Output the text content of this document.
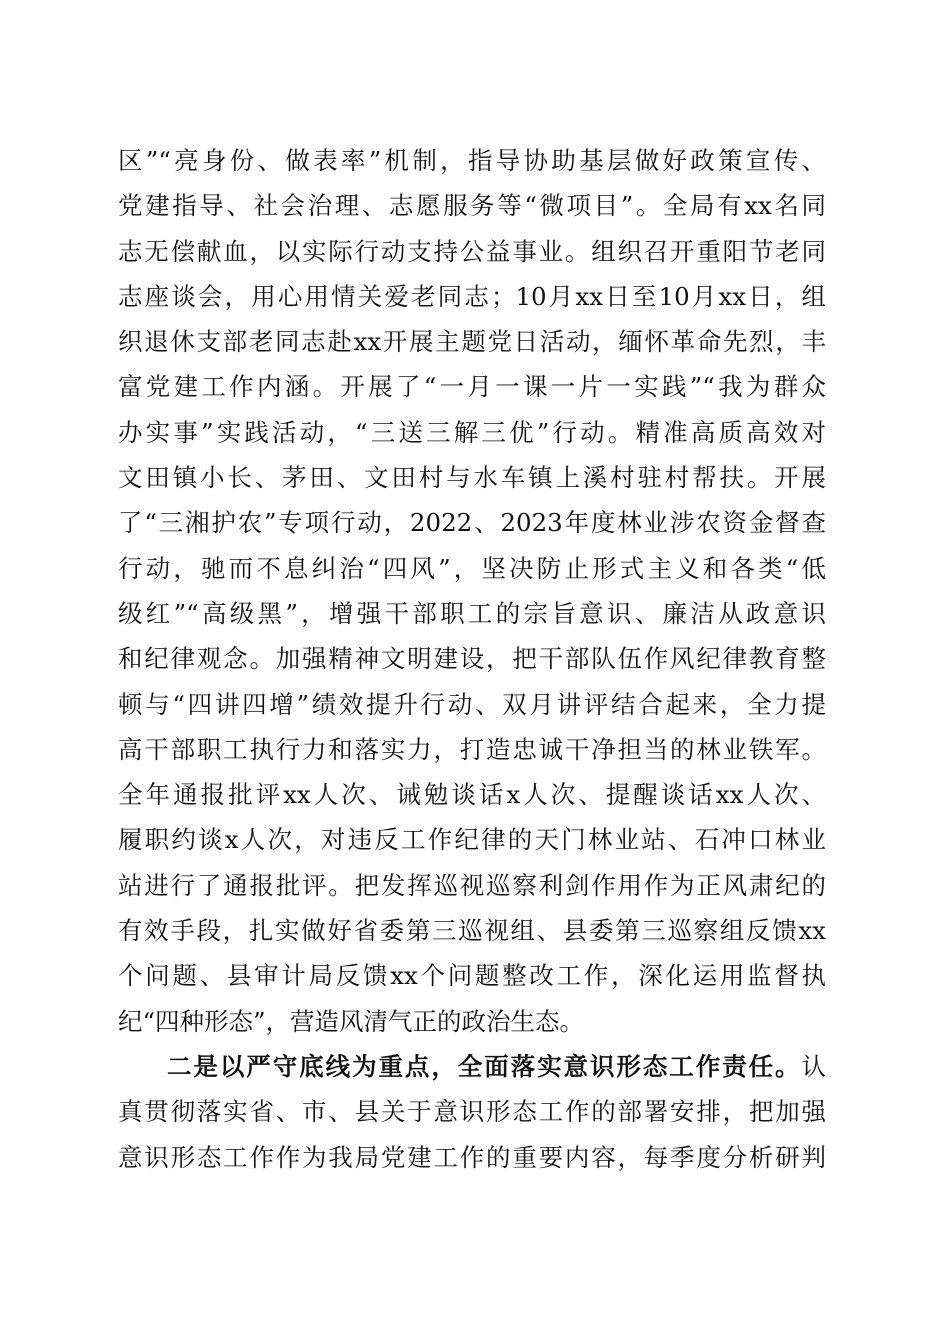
区”“亮身份、做表率”机制，指导协助基层做好政策宣传、
党建指导、社会治理、志愿服务等“微项目”。全局有xx名同
志无偿献血，以实际行动支持公益事业。组织召开重阳节老同
志座谈会，用心用情关爱老同志；10月xx日至10月xx日，组
织退休支部老同志赴xx开展主题党日活动，缅怀革命先烈，丰
富党建工作内涵。开展了“一月一课一片一实践”“我为群众
办实事”实践活动，“三送三解三优”行动。精准高质高效对
文田镇小长、茅田、文田村与水车镇上溪村驻村帮扶。开展
了“三湘护农”专项行动，2022、2023年度林业涉农资金督查
行动，驰而不息纠治“四风”，坚决防止形式主义和各类“低
级红”“高级黑”，增强干部职工的宗旨意识、廉洁从政意识
和纪律观念。加强精神文明建设，把干部队伍作风纪律教育整
顿与“四讲四增”绩效提升行动、双月讲评结合起来，全力提
高干部职工执行力和落实力，打造忠诚干净担当的林业铁军。
全年通报批评xx人次、诫勉谈话x人次、提醒谈话xx人次、
履职约谈x人次，对违反工作纪律的天门林业站、石冲口林业
站进行了通报批评。把发挥巡视巡察利剑作用作为正风肃纪的
有效手段，扎实做好省委第三巡视组、县委第三巡察组反馈xx
个问题、县审计局反馈xx个问题整改工作，深化运用监督执
纪“四种形态”，营造风清气正的政治生态。
二是以严守底线为重点，全面落实意识形态工作责任。认
真贯彻落实省、市、县关于意识形态工作的部署安排，把加强
意识形态工作作为我局党建工作的重要内容，每季度分析研判
